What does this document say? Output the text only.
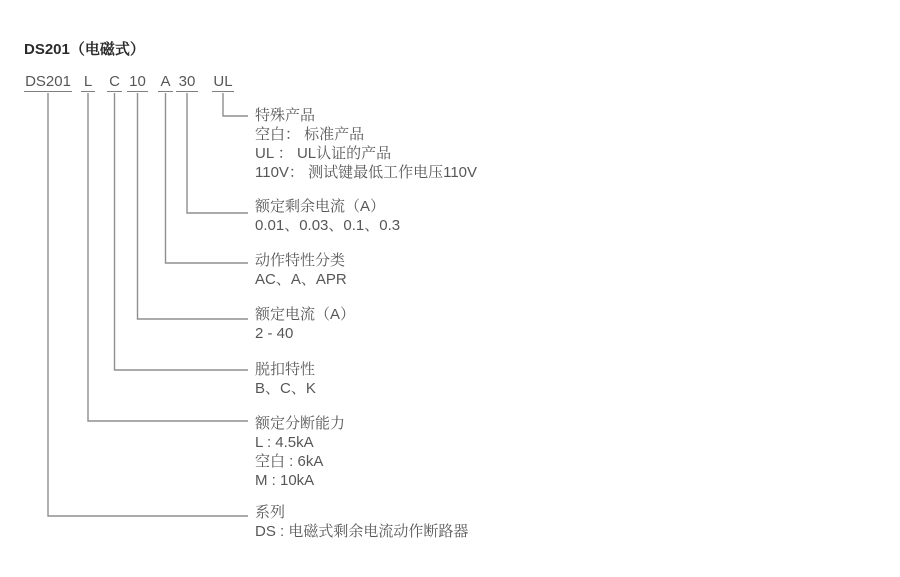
DS201（电磁式）
DS201 L C 10 A 30 UL
特殊产品
空白： 标准产品
UL ： UL认证的产品
110V： 测试键最低工作电压110V
额定剩余电流（A）
0.01、0.03、0.1、0.3
动作特性分类
AC、A、APR
额定电流（A）
2 - 40
脱扣特性
B、C、K
额定分断能力
L : 4.5kA
空白 : 6kA
M : 10kA
系列
DS : 电磁式剩余电流动作断路器
